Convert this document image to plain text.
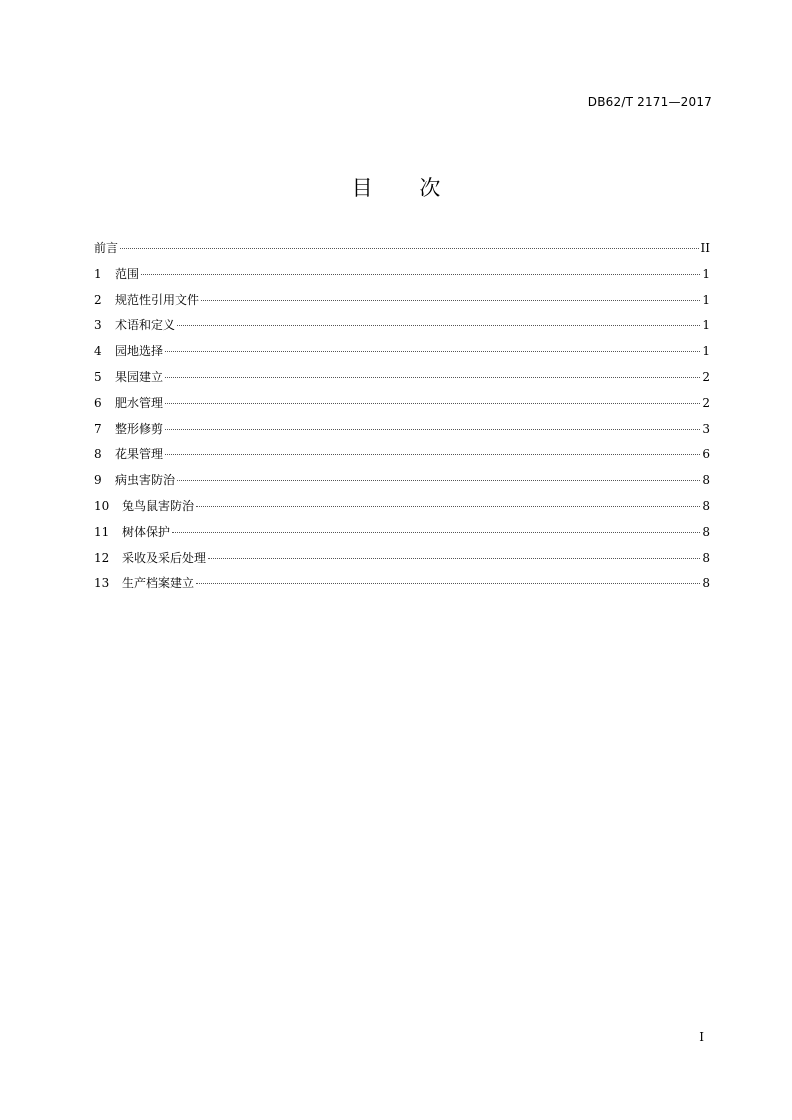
DB62/T 2171—2017
目 次
前言	II
1	范围	1
2	规范性引用文件	1
3	术语和定义	1
4	园地选择	1
5	果园建立	2
6	肥水管理	2
7	整形修剪	3
8	花果管理	6
9	病虫害防治	8
10	兔鸟鼠害防治	8
11	树体保护	8
12	采收及采后处理	8
13	生产档案建立	8
I
